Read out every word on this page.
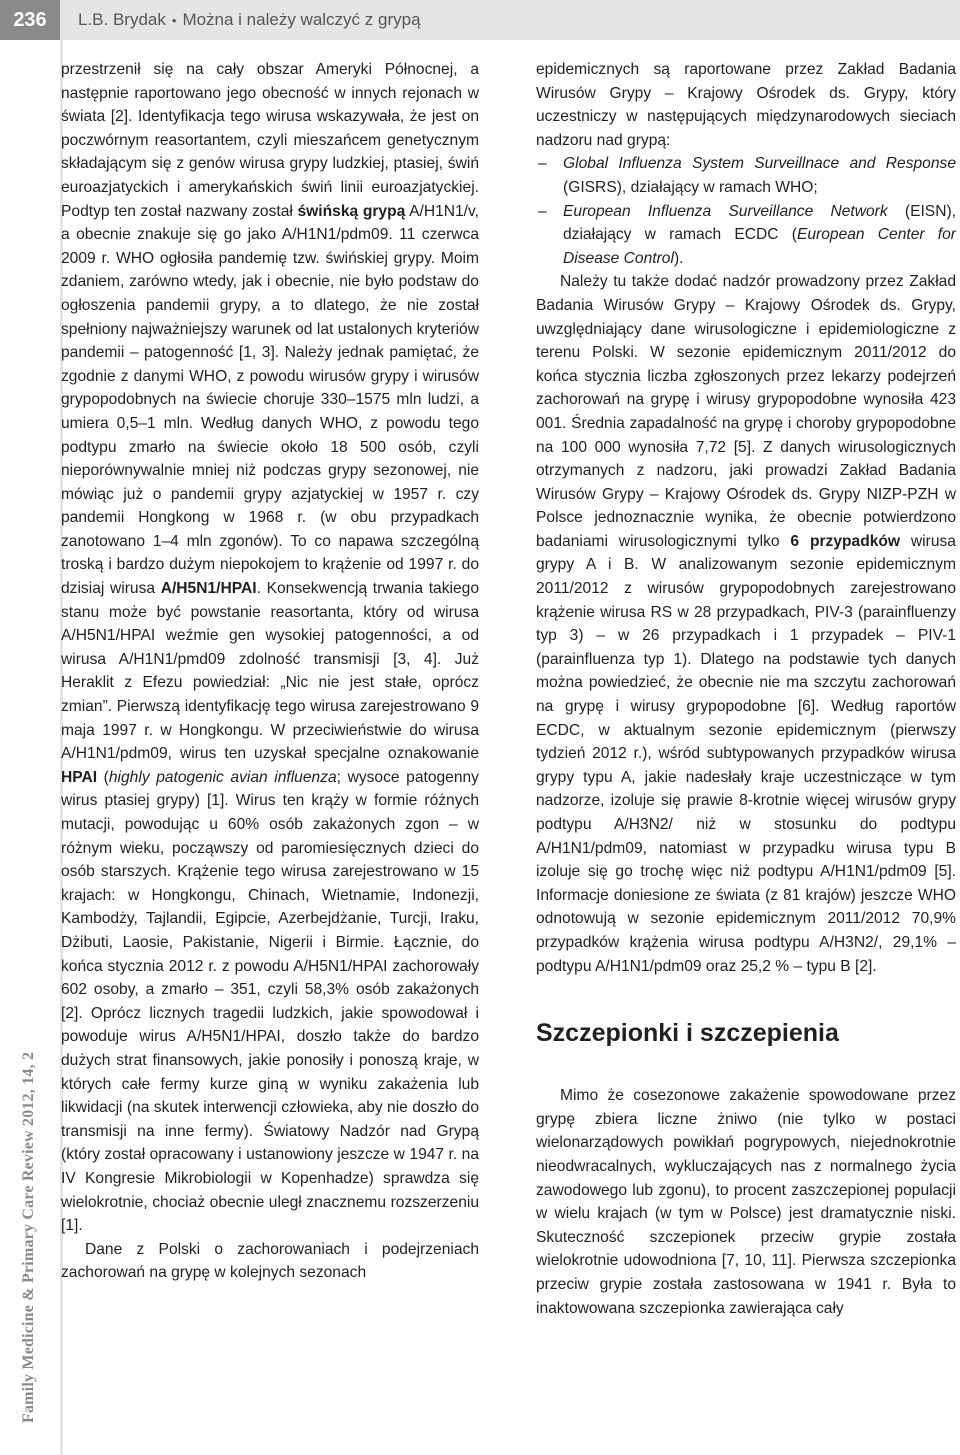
236	L.B. Brydak • Można i należy walczyć z grypą
Family Medicine & Primary Care Review 2012, 14, 2

przestrzenił się na cały obszar Ameryki Północnej, a następnie raportowano jego obecność w innych rejonach w świata [2]. Identyfikacja tego wirusa wskazywała, że jest on poczwórnym reasortantem, czyli mieszańcem genetycznym składającym się z genów wirusa grypy ludzkiej, ptasiej, świń euroazjatyckich i amerykańskich świń linii euroazjatyckiej. Podtyp ten został nazwany został świńską grypą A/H1N1/v, a obecnie znakuje się go jako A/H1N1/pdm09. 11 czerwca 2009 r. WHO ogłosiła pandemię tzw. świńskiej grypy. Moim zdaniem, zarówno wtedy, jak i obecnie, nie było podstaw do ogłoszenia pandemii grypy, a to dlatego, że nie został spełniony najważniejszy warunek od lat ustalonych kryteriów pandemii – patogenność [1, 3]. Należy jednak pamiętać, że zgodnie z danymi WHO, z powodu wirusów grypy i wirusów grypopodobnych na świecie choruje 330–1575 mln ludzi, a umiera 0,5–1 mln. Według danych WHO, z powodu tego podtypu zmarło na świecie około 18 500 osób, czyli nieporównywalnie mniej niż podczas grypy sezonowej, nie mówiąc już o pandemii grypy azjatyckiej w 1957 r. czy pandemii Hongkong w 1968 r. (w obu przypadkach zanotowano 1–4 mln zgonów). To co napawa szczególną troską i bardzo dużym niepokojem to krążenie od 1997 r. do dzisiaj wirusa A/H5N1/HPAI. Konsekwencją trwania takiego stanu może być powstanie reasortanta, który od wirusa A/H5N1/HPAI weźmie gen wysokiej patogenności, a od wirusa A/H1N1/pmd09 zdolność transmisji [3, 4]. Już Heraklit z Efezu powiedział: „Nic nie jest stałe, oprócz zmian”. Pierwszą identyfikację tego wirusa zarejestrowano 9 maja 1997 r. w Hongkongu. W przeciwieństwie do wirusa A/H1N1/pdm09, wirus ten uzyskał specjalne oznakowanie HPAI (highly patogenic avian influenza; wysoce patogenny wirus ptasiej grypy) [1]. Wirus ten krąży w formie różnych mutacji, powodując u 60% osób zakażonych zgon – w różnym wieku, począwszy od paromiesięcznych dzieci do osób starszych. Krążenie tego wirusa zarejestrowano w 15 krajach: w Hongkongu, Chinach, Wietnamie, Indonezji, Kambodży, Tajlandii, Egipcie, Azerbejdżanie, Turcji, Iraku, Dżibuti, Laosie, Pakistanie, Nigerii i Birmie. Łącznie, do końca stycznia 2012 r. z powodu A/H5N1/HPAI zachorowały 602 osoby, a zmarło – 351, czyli 58,3% osób zakażonych [2]. Oprócz licznych tragedii ludzkich, jakie spowodował i powoduje wirus A/H5N1/HPAI, doszło także do bardzo dużych strat finansowych, jakie ponosiły i ponoszą kraje, w których całe fermy kurze giną w wyniku zakażenia lub likwidacji (na skutek interwencji człowieka, aby nie doszło do transmisji na inne fermy). Światowy Nadzór nad Grypą (który został opracowany i ustanowiony jeszcze w 1947 r. na IV Kongresie Mikrobiologii w Kopenhadze) sprawdza się wielokrotnie, chociaż obecnie uległ znacznemu rozszerzeniu [1].

Dane z Polski o zachorowaniach i podejrzeniach zachorowań na grypę w kolejnych sezonach

epidemicznych są raportowane przez Zakład Badania Wirusów Grypy – Krajowy Ośrodek ds. Grypy, który uczestniczy w następujących międzynarodowych sieciach nadzoru nad grypą:

– Global Influenza System Surveillnace and Response (GISRS), działający w ramach WHO;
– European Influenza Surveillance Network (EISN), działający w ramach ECDC (European Center for Disease Control).

Należy tu także dodać nadzór prowadzony przez Zakład Badania Wirusów Grypy – Krajowy Ośrodek ds. Grypy, uwzględniający dane wirusologiczne i epidemiologiczne z terenu Polski. W sezonie epidemicznym 2011/2012 do końca stycznia liczba zgłoszonych przez lekarzy podejrzeń zachorowań na grypę i wirusy grypopodobne wynosiła 423 001. Średnia zapadalność na grypę i choroby grypopodobne na 100 000 wynosiła 7,72 [5]. Z danych wirusologicznych otrzymanych z nadzoru, jaki prowadzi Zakład Badania Wirusów Grypy – Krajowy Ośrodek ds. Grypy NIZP-PZH w Polsce jednoznacznie wynika, że obecnie potwierdzono badaniami wirusologicznymi tylko 6 przypadków wirusa grypy A i B. W analizowanym sezonie epidemicznym 2011/2012 z wirusów grypopodobnych zarejestrowano krążenie wirusa RS w 28 przypadkach, PIV-3 (parainfluenzy typ 3) – w 26 przypadkach i 1 przypadek – PIV-1 (parainfluenza typ 1). Dlatego na podstawie tych danych można powiedzieć, że obecnie nie ma szczytu zachorowań na grypę i wirusy grypopodobne [6]. Według raportów ECDC, w aktualnym sezonie epidemicznym (pierwszy tydzień 2012 r.), wśród subtypowanych przypadków wirusa grypy typu A, jakie nadesłały kraje uczestniczące w tym nadzorze, izoluje się prawie 8-krotnie więcej wirusów grypy podtypu A/H3N2/ niż w stosunku do podtypu A/H1N1/pdm09, natomiast w przypadku wirusa typu B izoluje się go trochę więc niż podtypu A/H1N1/pdm09 [5]. Informacje doniesione ze świata (z 81 krajów) jeszcze WHO odnotowują w sezonie epidemicznym 2011/2012 70,9% przypadków krążenia wirusa podtypu A/H3N2/, 29,1% – podtypu A/H1N1/pdm09 oraz 25,2 % – typu B [2].

Szczepionki i szczepienia

Mimo że cosezonowe zakażenie spowodowane przez grypę zbiera liczne żniwo (nie tylko w postaci wielonarządowych powikłań pogrypowych, niejednokrotnie nieodwracalnych, wykluczających nas z normalnego życia zawodowego lub zgonu), to procent zaszczepionej populacji w wielu krajach (w tym w Polsce) jest dramatycznie niski. Skuteczność szczepionek przeciw grypie została wielokrotnie udowodniona [7, 10, 11]. Pierwsza szczepionka przeciw grypie została zastosowana w 1941 r. Była to inaktowowana szczepionka zawierająca cały
